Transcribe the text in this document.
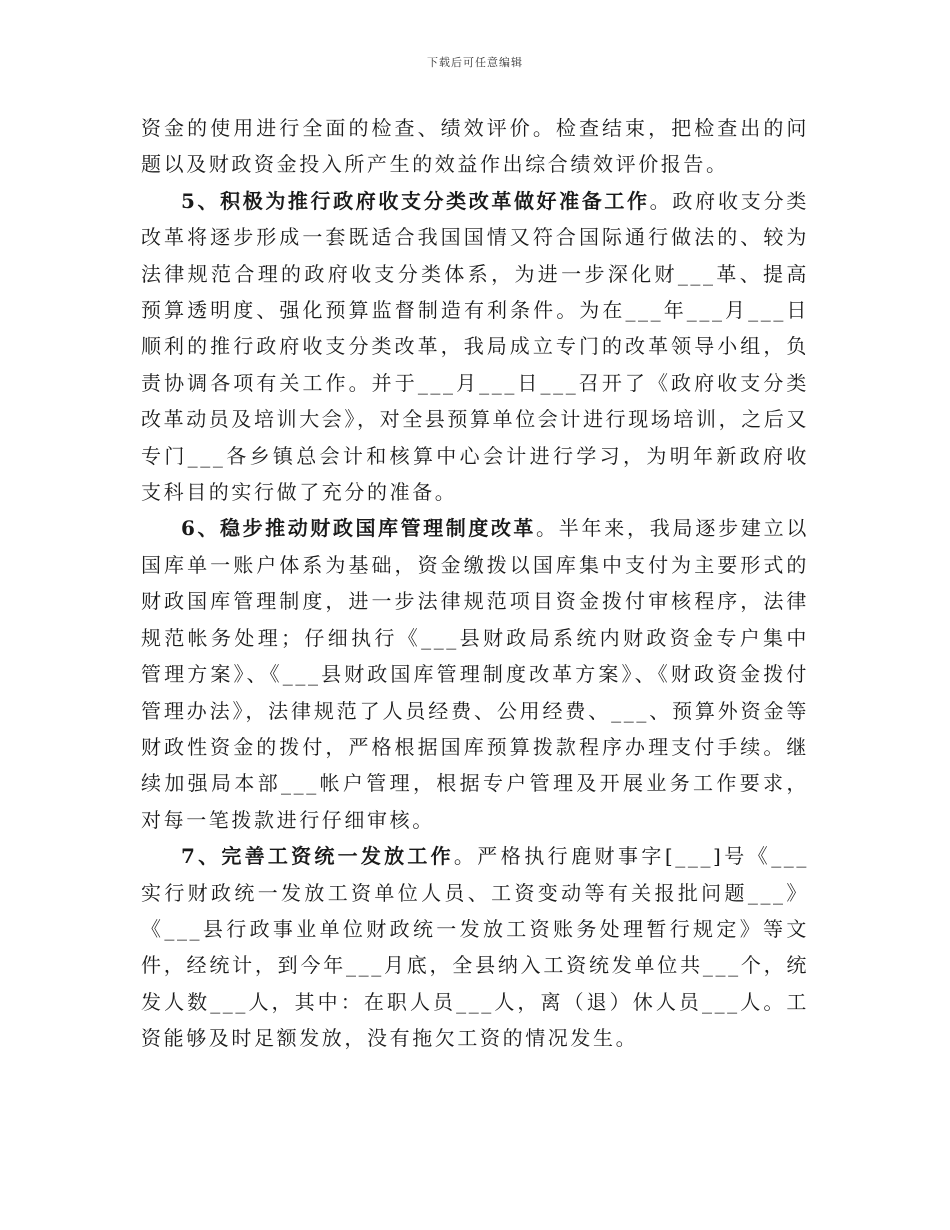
下载后可任意编辑

资金的使用进行全面的检查、绩效评价。检查结束，把检查出的问题以及财政资金投入所产生的效益作出综合绩效评价报告。

5、积极为推行政府收支分类改革做好准备工作。政府收支分类改革将逐步形成一套既适合我国国情又符合国际通行做法的、较为法律规范合理的政府收支分类体系，为进一步深化财___革、提高预算透明度、强化预算监督制造有利条件。为在___年___月___日顺利的推行政府收支分类改革，我局成立专门的改革领导小组，负责协调各项有关工作。并于___月___日___召开了《政府收支分类改革动员及培训大会》，对全县预算单位会计进行现场培训，之后又专门___各乡镇总会计和核算中心会计进行学习，为明年新政府收支科目的实行做了充分的准备。

6、稳步推动财政国库管理制度改革。半年来，我局逐步建立以国库单一账户体系为基础，资金缴拨以国库集中支付为主要形式的财政国库管理制度，进一步法律规范项目资金拨付审核程序，法律规范帐务处理；仔细执行《___县财政局系统内财政资金专户集中管理方案》、《___县财政国库管理制度改革方案》、《财政资金拨付管理办法》，法律规范了人员经费、公用经费、___、预算外资金等财政性资金的拨付，严格根据国库预算拨款程序办理支付手续。继续加强局本部___帐户管理，根据专户管理及开展业务工作要求，对每一笔拨款进行仔细审核。

7、完善工资统一发放工作。严格执行鹿财事字[___]号《___实行财政统一发放工资单位人员、工资变动等有关报批问题___》《___县行政事业单位财政统一发放工资账务处理暂行规定》等文件，经统计，到今年___月底，全县纳入工资统发单位共___个，统发人数___人，其中：在职人员___人，离（退）休人员___人。工资能够及时足额发放，没有拖欠工资的情况发生。
